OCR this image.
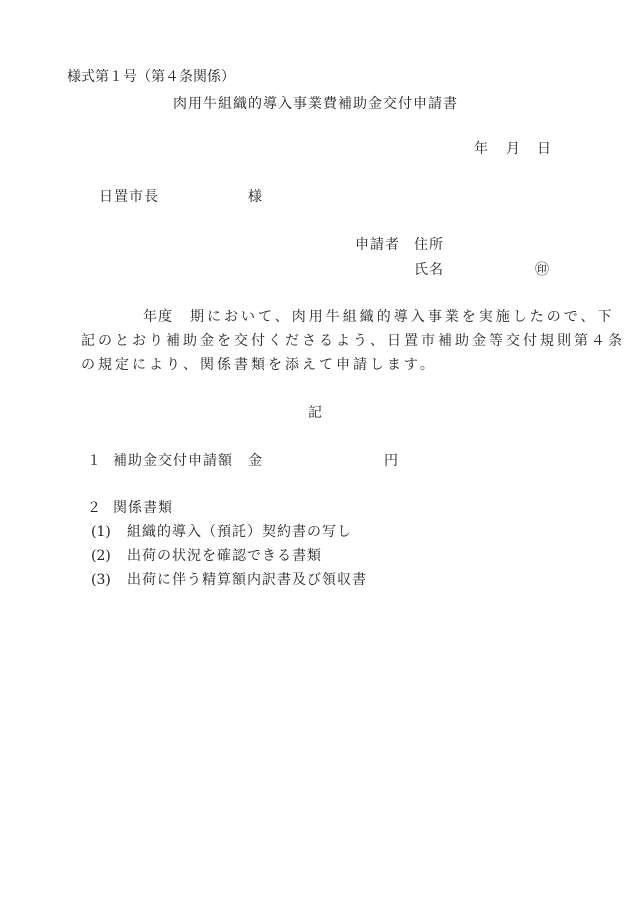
様式第１号（第４条関係）
肉用牛組織的導入事業費補助金交付申請書
年 月 日
日置市長	様
申請者 住所
氏名	㊞
年度 期において、肉用牛組織的導入事業を実施したので、下
記のとおり補助金を交付くださるよう、日置市補助金等交付規則第４条
の規定により、関係書類を添えて申請します。
記
１ 補助金交付申請額 金	円
２ 関係書類
(1) 組織的導入（預託）契約書の写し
(2) 出荷の状況を確認できる書類
(3) 出荷に伴う精算額内訳書及び領収書
